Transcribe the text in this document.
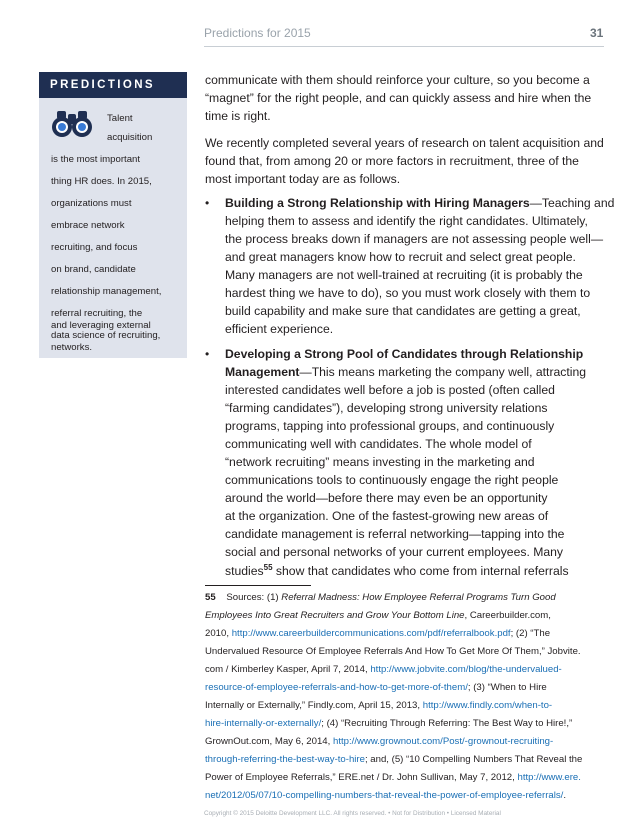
Predictions for 2015	31
PREDICTIONS
Talent
acquisition
is the most important
thing HR does. In 2015,
organizations must
embrace network
recruiting, and focus
on brand, candidate
relationship management,
referral recruiting, the
data science of recruiting,
and leveraging external
networks.
communicate with them should reinforce your culture, so you become a
“magnet” for the right people, and can quickly assess and hire when the
time is right.
We recently completed several years of research on talent acquisition and
found that, from among 20 or more factors in recruitment, three of the
most important today are as follows.
• Building a Strong Relationship with Hiring Managers—Teaching and
helping them to assess and identify the right candidates. Ultimately,
the process breaks down if managers are not assessing people well—
and great managers know how to recruit and select great people.
Many managers are not well-trained at recruiting (it is probably the
hardest thing we have to do), so you must work closely with them to
build capability and make sure that candidates are getting a great,
efficient experience.
• Developing a Strong Pool of Candidates through Relationship
Management—This means marketing the company well, attracting
interested candidates well before a job is posted (often called
“farming candidates”), developing strong university relations
programs, tapping into professional groups, and continuously
communicating well with candidates. The whole model of
“network recruiting” means investing in the marketing and
communications tools to continuously engage the right people
around the world—before there may even be an opportunity
at the organization. One of the fastest-growing new areas of
candidate management is referral networking—tapping into the
social and personal networks of your current employees. Many
studies$^{55}$ show that candidates who come from internal referrals
55 Sources: (1) Referral Madness: How Employee Referral Programs Turn Good
Employees Into Great Recruiters and Grow Your Bottom Line, Careerbuilder.com,
2010, http://www.careerbuildercommunications.com/pdf/referralbook.pdf; (2) “The
Undervalued Resource Of Employee Referrals And How To Get More Of Them,” Jobvite.
com / Kimberley Kasper, April 7, 2014, http://www.jobvite.com/blog/the-undervalued-
resource-of-employee-referrals-and-how-to-get-more-of-them/; (3) “When to Hire
Internally or Externally,” Findly.com, April 15, 2013, http://www.findly.com/when-to-
hire-internally-or-externally/; (4) “Recruiting Through Referring: The Best Way to Hire!,”
GrownOut.com, May 6, 2014, http://www.grownout.com/Post/-grownout-recruiting-
through-referring-the-best-way-to-hire; and, (5) “10 Compelling Numbers That Reveal the
Power of Employee Referrals,” ERE.net / Dr. John Sullivan, May 7, 2012, http://www.ere.
net/2012/05/07/10-compelling-numbers-that-reveal-the-power-of-employee-referrals/.
Copyright © 2015 Deloitte Development LLC. All rights reserved. • Not for Distribution • Licensed Material
